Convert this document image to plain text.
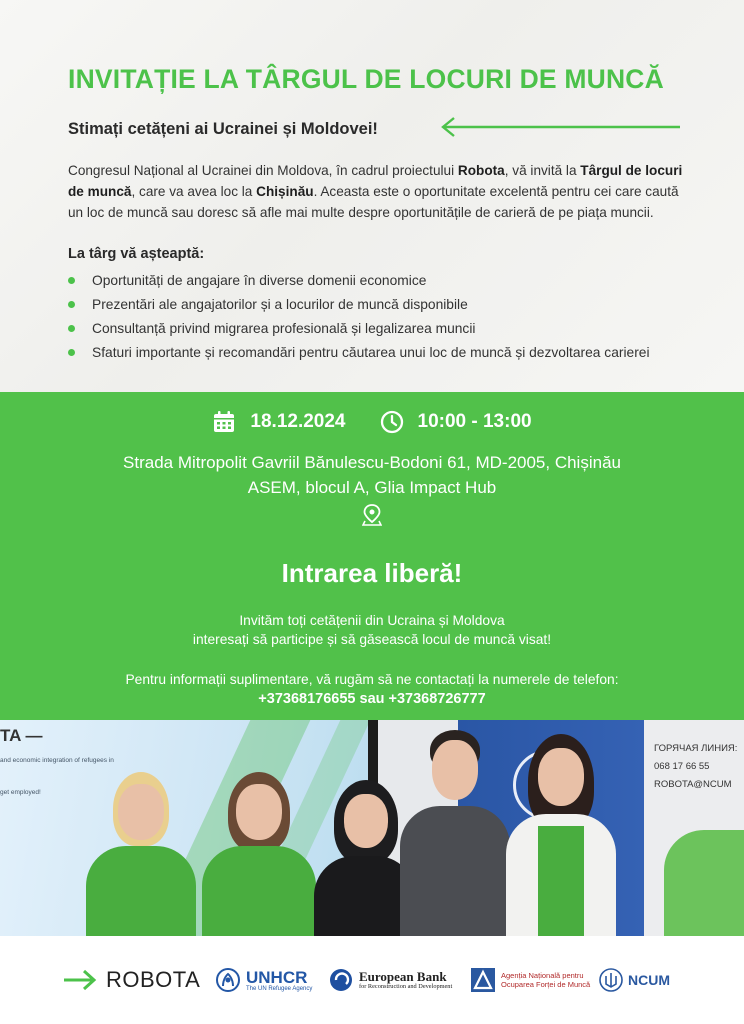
INVITAȚIE LA TÂRGUL DE LOCURI DE MUNCĂ
Stimați cetățeni ai Ucrainei și Moldovei!

Congresul Național al Ucrainei din Moldova, în cadrul proiectului Robota, vă invită la Târgul de locuri de muncă, care va avea loc la Chișinău. Aceasta este o oportunitate excelentă pentru cei care caută un loc de muncă sau doresc să afle mai multe despre oportunitățile de carieră de pe piața muncii.

La târg vă așteaptă:
Oportunități de angajare în diverse domenii economice
Prezentări ale angajatorilor și a locurilor de muncă disponibile
Consultanță privind migrarea profesională și legalizarea muncii
Sfaturi importante și recomandări pentru căutarea unui loc de muncă și dezvoltarea carierei
18.12.2024	10:00 - 13:00
Strada Mitropolit Gavriil Bănulescu-Bodoni 61, MD-2005, Chișinău
ASEM, blocul A, Glia Impact Hub
Intrarea liberă!
Invităm toți cetățenii din Ucraina și Moldova
interesați să participe și să găsească locul de muncă visat!
Pentru informații suplimentare, vă rugăm să ne contactați la numerele de telefon:
+37368176655 sau +37368726777
TA —
and economic integration of refugees in
get employed!
ГОРЯЧАЯ ЛИНИЯ:
068 17 66 55
ROBOTA@NCUM
ROBOTA	UNHCR
The UN Refugee Agency
European Bank
for Reconstruction and Development
Agenția Națională pentru
Ocuparea Forței de Muncă	NCUM
